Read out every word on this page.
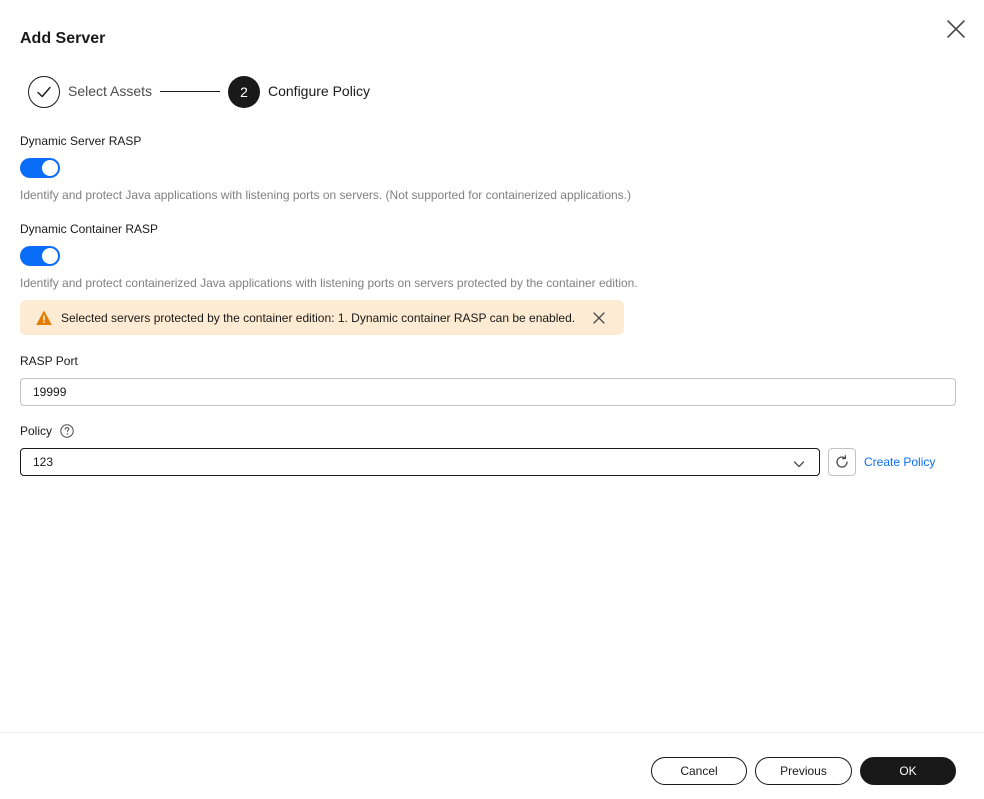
Add Server
Select Assets	2	Configure Policy
Dynamic Server RASP
Identify and protect Java applications with listening ports on servers. (Not supported for containerized applications.)
Dynamic Container RASP
Identify and protect containerized Java applications with listening ports on servers protected by the container edition.
Selected servers protected by the container edition: 1. Dynamic container RASP can be enabled.
RASP Port
19999
Policy
123	Create Policy
Cancel	Previous	OK
